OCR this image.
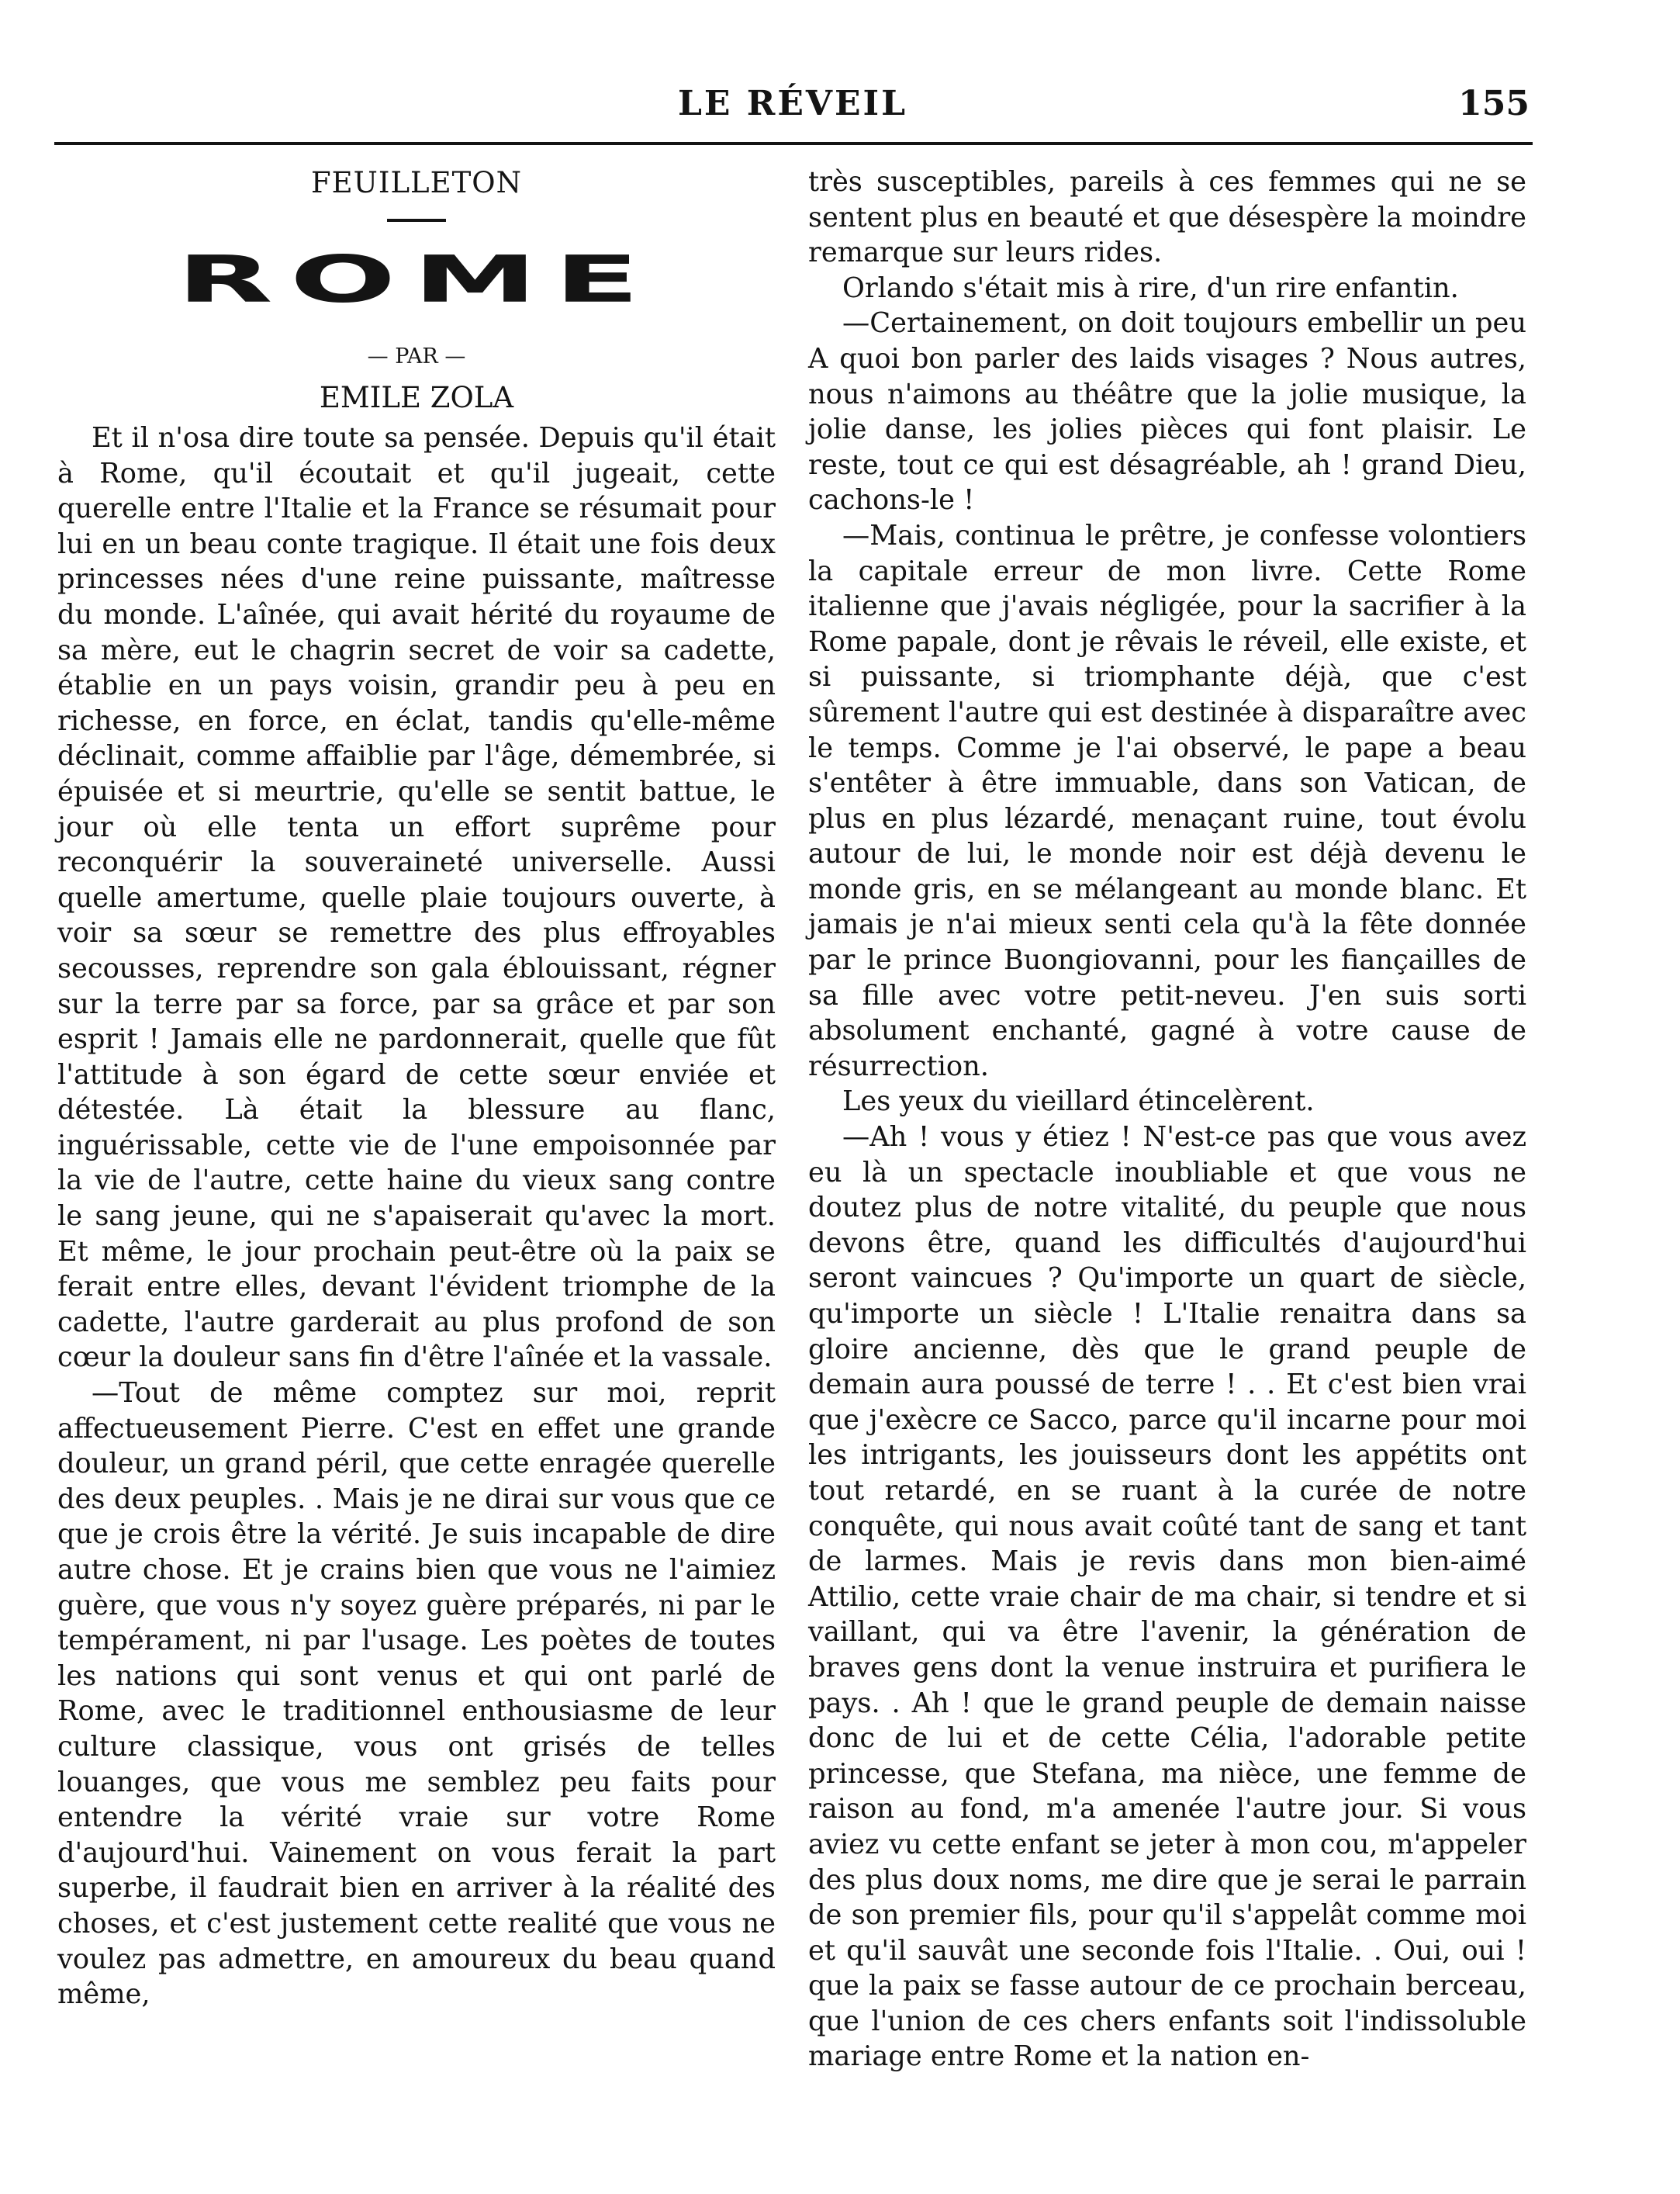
LE RÉVEIL	155
FEUILLETON
ROME
— PAR —
EMILE ZOLA

Et il n'osa dire toute sa pensée. Depuis qu'il était à Rome, qu'il écoutait et qu'il jugeait, cette querelle entre l'Italie et la France se résumait pour lui en un beau conte tragique. Il était une fois deux princesses nées d'une reine puissante, maîtresse du monde. L'aînée, qui avait hérité du royaume de sa mère, eut le chagrin secret de voir sa cadette, établie en un pays voisin, grandir peu à peu en richesse, en force, en éclat, tandis qu'elle-même déclinait, comme affaiblie par l'âge, démembrée, si épuisée et si meurtrie, qu'elle se sentit battue, le jour où elle tenta un effort suprême pour reconquérir la souveraineté universelle. Aussi quelle amertume, quelle plaie toujours ouverte, à voir sa sœur se remettre des plus effroyables secousses, reprendre son gala éblouissant, régner sur la terre par sa force, par sa grâce et par son esprit ! Jamais elle ne pardonnerait, quelle que fût l'attitude à son égard de cette sœur enviée et détestée. Là était la blessure au flanc, inguérissable, cette vie de l'une empoisonnée par la vie de l'autre, cette haine du vieux sang contre le sang jeune, qui ne s'apaiserait qu'avec la mort. Et même, le jour prochain peut-être où la paix se ferait entre elles, devant l'évident triomphe de la cadette, l'autre garderait au plus profond de son cœur la douleur sans fin d'être l'aînée et la vassale.

—Tout de même comptez sur moi, reprit affectueusement Pierre. C'est en effet une grande douleur, un grand péril, que cette enragée querelle des deux peuples. . Mais je ne dirai sur vous que ce que je crois être la vérité. Je suis incapable de dire autre chose. Et je crains bien que vous ne l'aimiez guère, que vous n'y soyez guère préparés, ni par le tempérament, ni par l'usage. Les poètes de toutes les nations qui sont venus et qui ont parlé de Rome, avec le traditionnel enthousiasme de leur culture classique, vous ont grisés de telles louanges, que vous me semblez peu faits pour entendre la vérité vraie sur votre Rome d'aujourd'hui. Vainement on vous ferait la part superbe, il faudrait bien en arriver à la réalité des choses, et c'est justement cette realité que vous ne voulez pas admettre, en amoureux du beau quand même,

très susceptibles, pareils à ces femmes qui ne se sentent plus en beauté et que désespère la moindre remarque sur leurs rides.

Orlando s'était mis à rire, d'un rire enfantin.

—Certainement, on doit toujours embellir un peu A quoi bon parler des laids visages ? Nous autres, nous n'aimons au théâtre que la jolie musique, la jolie danse, les jolies pièces qui font plaisir. Le reste, tout ce qui est désagréable, ah ! grand Dieu, cachons-le !

—Mais, continua le prêtre, je confesse volontiers la capitale erreur de mon livre. Cette Rome italienne que j'avais négligée, pour la sacrifier à la Rome papale, dont je rêvais le réveil, elle existe, et si puissante, si triomphante déjà, que c'est sûrement l'autre qui est destinée à disparaître avec le temps. Comme je l'ai observé, le pape a beau s'entêter à être immuable, dans son Vatican, de plus en plus lézardé, menaçant ruine, tout évolu autour de lui, le monde noir est déjà devenu le monde gris, en se mélangeant au monde blanc. Et jamais je n'ai mieux senti cela qu'à la fête donnée par le prince Buongiovanni, pour les fiançailles de sa fille avec votre petit-neveu. J'en suis sorti absolument enchanté, gagné à votre cause de résurrection.

Les yeux du vieillard étincelèrent.

—Ah ! vous y étiez ! N'est-ce pas que vous avez eu là un spectacle inoubliable et que vous ne doutez plus de notre vitalité, du peuple que nous devons être, quand les difficultés d'aujourd'hui seront vaincues ? Qu'importe un quart de siècle, qu'importe un siècle ! L'Italie renaitra dans sa gloire ancienne, dès que le grand peuple de demain aura poussé de terre ! . . Et c'est bien vrai que j'exècre ce Sacco, parce qu'il incarne pour moi les intrigants, les jouisseurs dont les appétits ont tout retardé, en se ruant à la curée de notre conquête, qui nous avait coûté tant de sang et tant de larmes. Mais je revis dans mon bien-aimé Attilio, cette vraie chair de ma chair, si tendre et si vaillant, qui va être l'avenir, la génération de braves gens dont la venue instruira et purifiera le pays. . Ah ! que le grand peuple de demain naisse donc de lui et de cette Célia, l'adorable petite princesse, que Stefana, ma nièce, une femme de raison au fond, m'a amenée l'autre jour. Si vous aviez vu cette enfant se jeter à mon cou, m'appeler des plus doux noms, me dire que je serai le parrain de son premier fils, pour qu'il s'appelât comme moi et qu'il sauvât une seconde fois l'Italie. . Oui, oui ! que la paix se fasse autour de ce prochain berceau, que l'union de ces chers enfants soit l'indissoluble mariage entre Rome et la nation en-
